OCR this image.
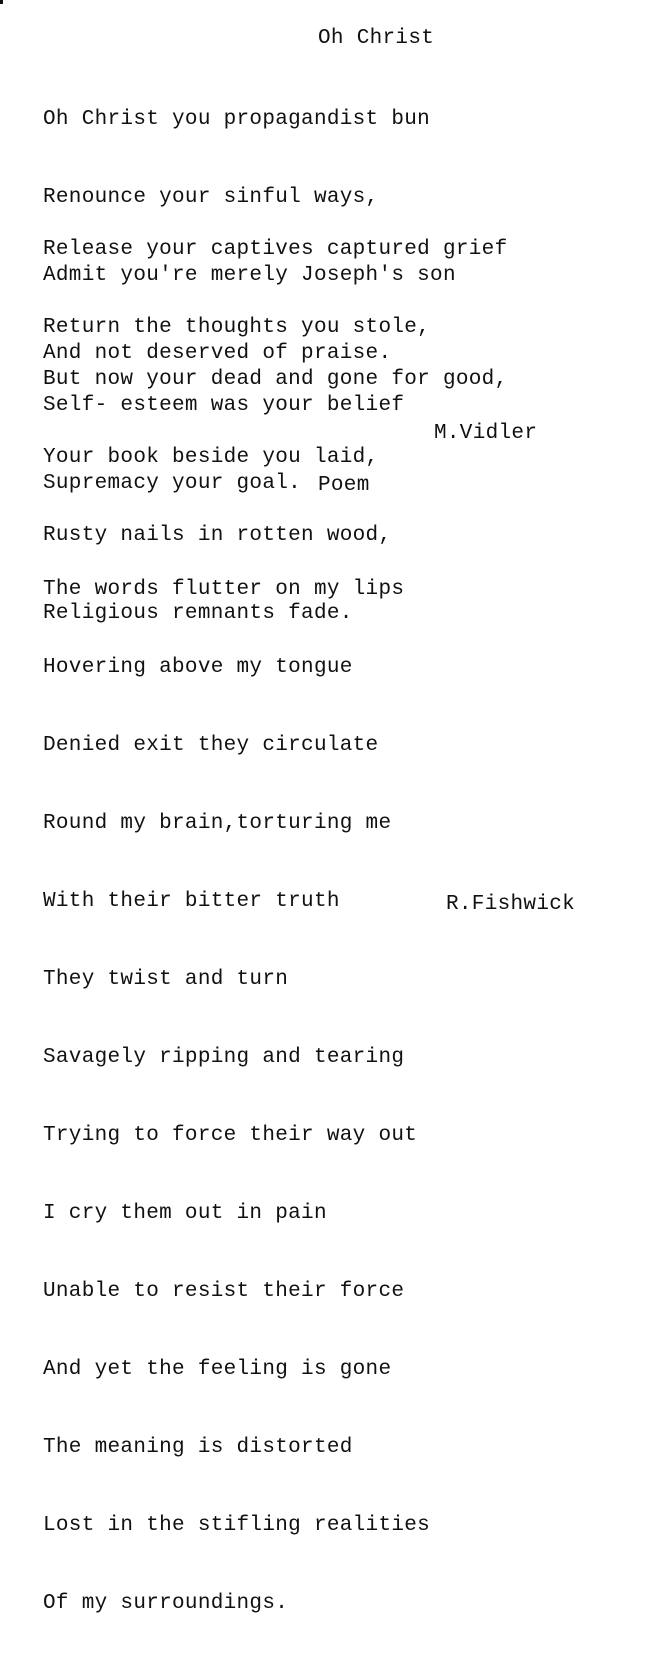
Oh Christ

Oh Christ you propagandist bun

Renounce your sinful ways,

Admit you're merely Joseph's son

And not deserved of praise.

Release your captives captured grief

Return the thoughts you stole,

Self- esteem was your belief

Supremacy your goal.

But now your dead and gone for good,

Your book beside you laid,

Rusty nails in rotten wood,

Religious remnants fade.

M.Vidler
Poem

The words flutter on my lips

Hovering above my tongue

Denied exit they circulate

Round my brain,torturing me

With their bitter truth

They twist and turn

Savagely ripping and tearing

Trying to force their way out

I cry them out in pain

Unable to resist their force

And yet the feeling is gone

The meaning is distorted

Lost in the stifling realities

Of my surroundings.

R.Fishwick
